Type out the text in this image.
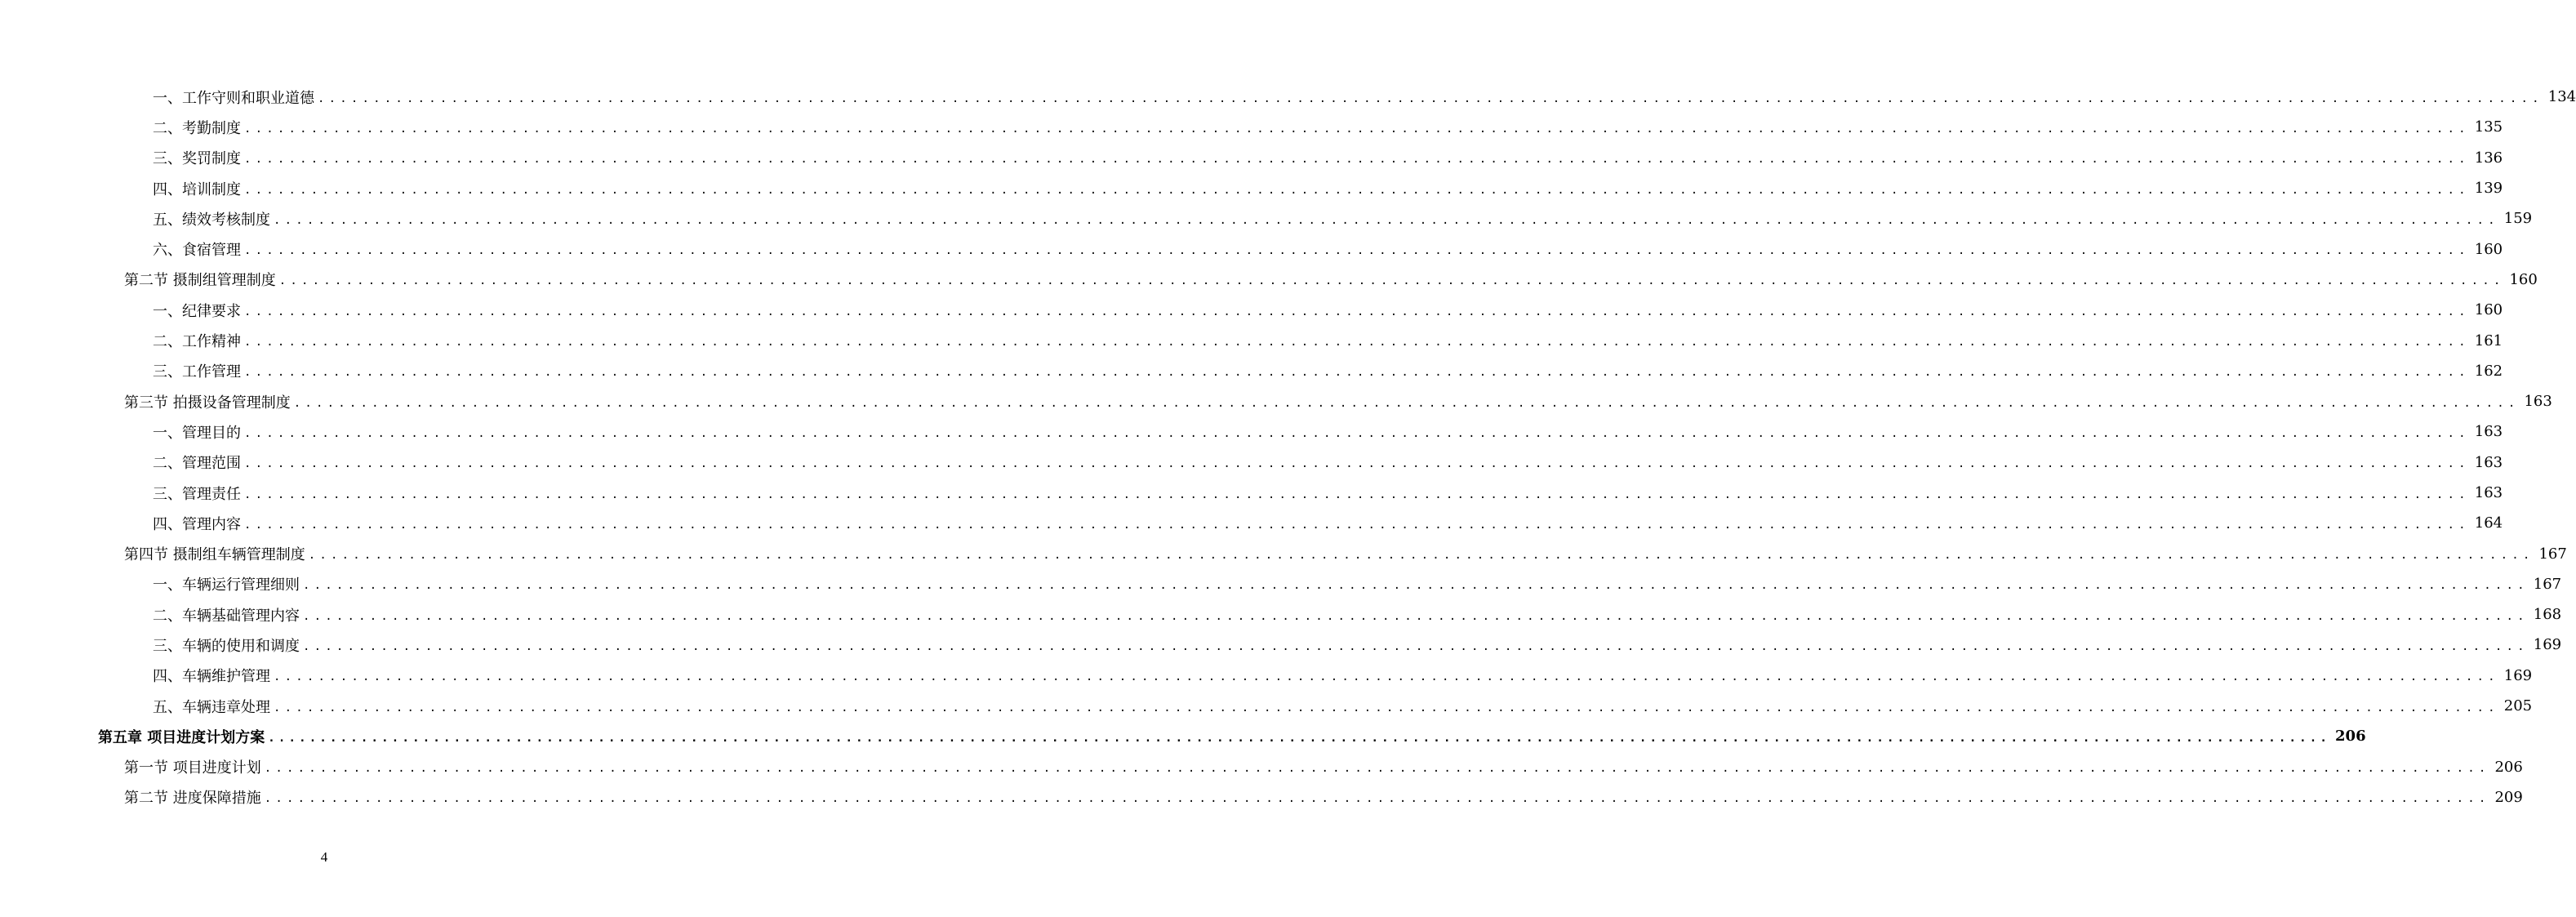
一、工作守则和职业道德 ........................................................................................................................................................................................................ 134
二、考勤制度 ........................................................................................................................................................................................................ 135
三、奖罚制度 ........................................................................................................................................................................................................ 136
四、培训制度 ........................................................................................................................................................................................................ 139
五、绩效考核制度 ........................................................................................................................................................................................................ 159
六、食宿管理 ........................................................................................................................................................................................................ 160
第二节 摄制组管理制度 ........................................................................................................................................................................................................ 160
一、纪律要求 ........................................................................................................................................................................................................ 160
二、工作精神 ........................................................................................................................................................................................................ 161
三、工作管理 ........................................................................................................................................................................................................ 162
第三节 拍摄设备管理制度 ........................................................................................................................................................................................................ 163
一、管理目的 ........................................................................................................................................................................................................ 163
二、管理范围 ........................................................................................................................................................................................................ 163
三、管理责任 ........................................................................................................................................................................................................ 163
四、管理内容 ........................................................................................................................................................................................................ 164
第四节 摄制组车辆管理制度 ........................................................................................................................................................................................................ 167
一、车辆运行管理细则 ........................................................................................................................................................................................................ 167
二、车辆基础管理内容 ........................................................................................................................................................................................................ 168
三、车辆的使用和调度 ........................................................................................................................................................................................................ 169
四、车辆维护管理 ........................................................................................................................................................................................................ 169
五、车辆违章处理 ........................................................................................................................................................................................................ 205
第五章 项目进度计划方案 ........................................................................................................................................................................................................ 206
第一节 项目进度计划 ........................................................................................................................................................................................................ 206
第二节 进度保障措施 ........................................................................................................................................................................................................ 209
4
